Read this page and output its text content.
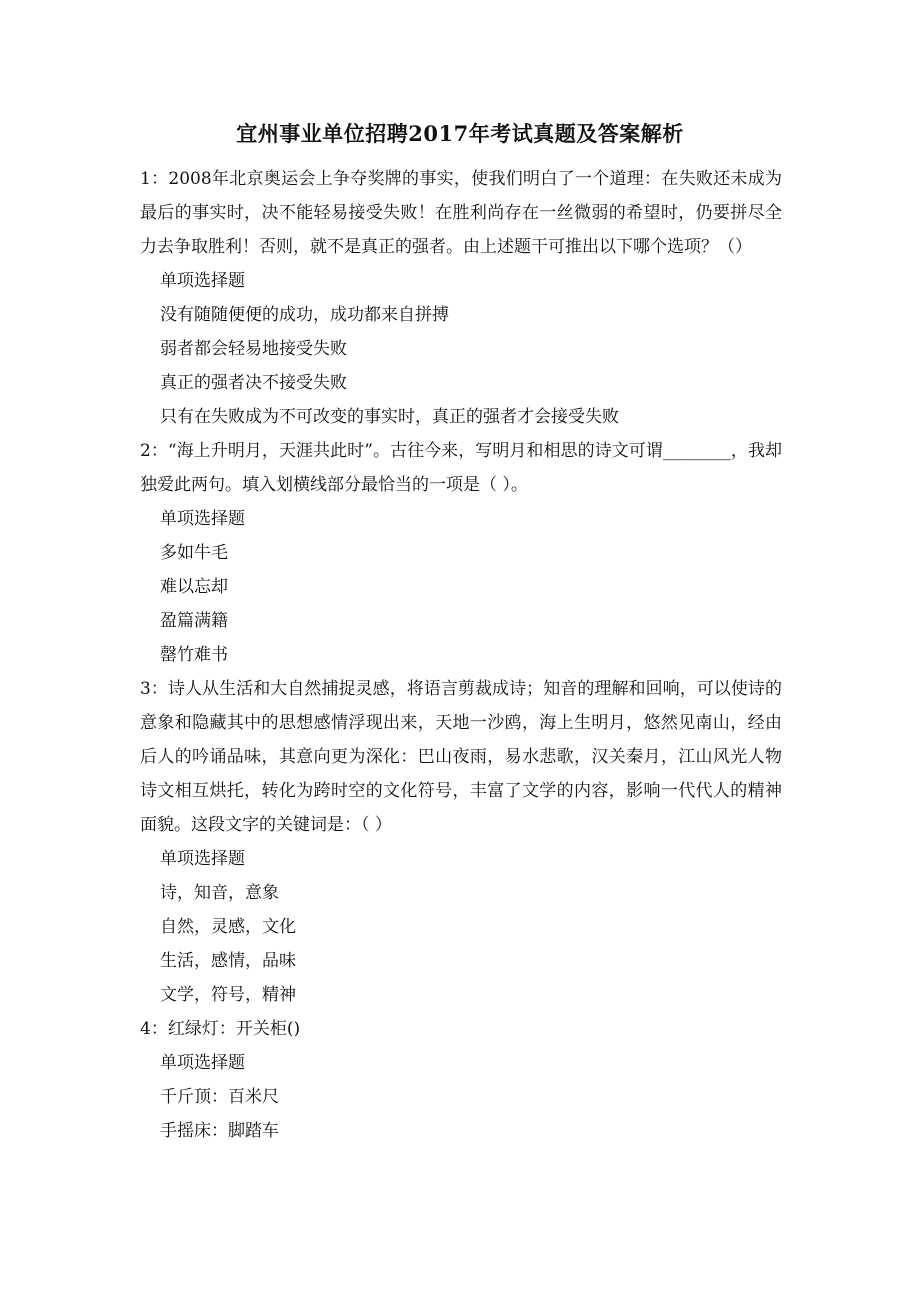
宜州事业单位招聘2017年考试真题及答案解析

1：2008年北京奥运会上争夺奖牌的事实，使我们明白了一个道理：在失败还未成为最后的事实时，决不能轻易接受失败！在胜利尚存在一丝微弱的希望时，仍要拼尽全力去争取胜利！否则，就不是真正的强者。由上述题干可推出以下哪个选项？（）

单项选择题

没有随随便便的成功，成功都来自拼搏

弱者都会轻易地接受失败

真正的强者决不接受失败

只有在失败成为不可改变的事实时，真正的强者才会接受失败

2：“海上升明月，天涯共此时”。古往今来，写明月和相思的诗文可谓________，我却独爱此两句。填入划横线部分最恰当的一项是（ ）。

单项选择题

多如牛毛

难以忘却

盈篇满籍

罄竹难书

3：诗人从生活和大自然捕捉灵感，将语言剪裁成诗；知音的理解和回响，可以使诗的意象和隐藏其中的思想感情浮现出来，天地一沙鸥，海上生明月，悠然见南山，经由后人的吟诵品味，其意向更为深化：巴山夜雨，易水悲歌，汉关秦月，江山风光人物诗文相互烘托，转化为跨时空的文化符号，丰富了文学的内容，影响一代代人的精神面貌。这段文字的关键词是：（ ）

单项选择题

诗，知音，意象

自然，灵感，文化

生活，感情，品味

文学，符号，精神

4：红绿灯：开关柜()

单项选择题

千斤顶：百米尺

手摇床：脚踏车
